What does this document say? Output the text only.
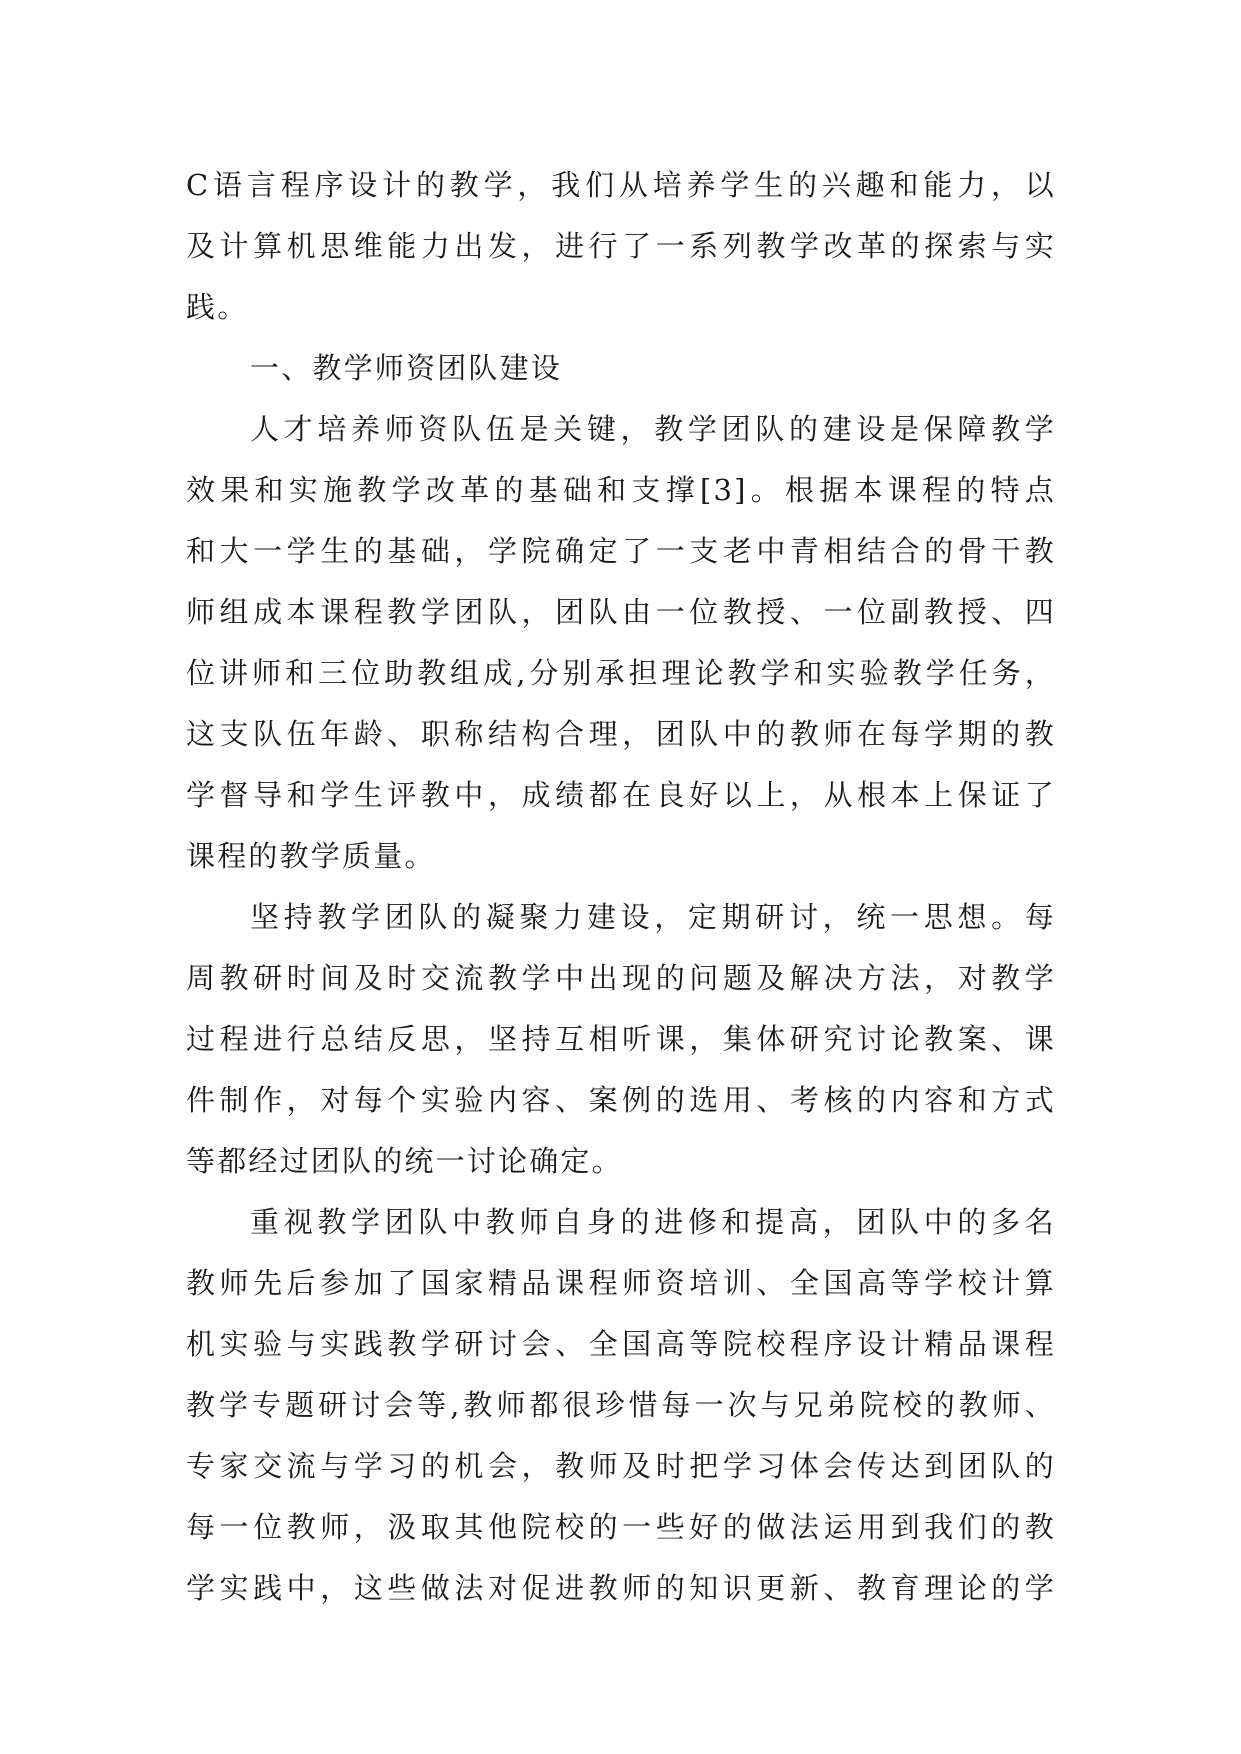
C语言程序设计的教学，我们从培养学生的兴趣和能力，以
及计算机思维能力出发，进行了一系列教学改革的探索与实
践。
一、教学师资团队建设
人才培养师资队伍是关键，教学团队的建设是保障教学
效果和实施教学改革的基础和支撑[3]。根据本课程的特点
和大一学生的基础，学院确定了一支老中青相结合的骨干教
师组成本课程教学团队，团队由一位教授、一位副教授、四
位讲师和三位助教组成,分别承担理论教学和实验教学任务，
这支队伍年龄、职称结构合理，团队中的教师在每学期的教
学督导和学生评教中，成绩都在良好以上，从根本上保证了
课程的教学质量。
坚持教学团队的凝聚力建设，定期研讨，统一思想。每
周教研时间及时交流教学中出现的问题及解决方法，对教学
过程进行总结反思，坚持互相听课，集体研究讨论教案、课
件制作，对每个实验内容、案例的选用、考核的内容和方式
等都经过团队的统一讨论确定。
重视教学团队中教师自身的进修和提高，团队中的多名
教师先后参加了国家精品课程师资培训、全国高等学校计算
机实验与实践教学研讨会、全国高等院校程序设计精品课程
教学专题研讨会等,教师都很珍惜每一次与兄弟院校的教师、
专家交流与学习的机会，教师及时把学习体会传达到团队的
每一位教师，汲取其他院校的一些好的做法运用到我们的教
学实践中，这些做法对促进教师的知识更新、教育理论的学
